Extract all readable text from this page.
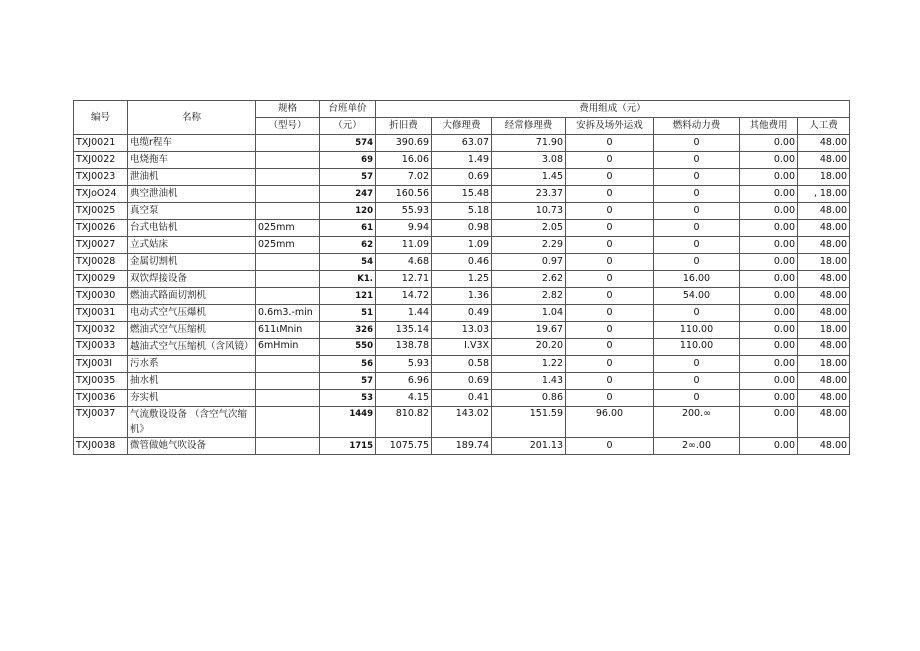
编号	名称	规格	台班单价	费用组成（元）						
		（型号）	（元）	折旧费	大修理费	经常修理费	安拆及场外运戏	燃料动力费	其他费用	人工费
TXJ0021	电缆r程车		574	390.69	63.07	71.90	0	0	0.00	48.00
TXJ0022	电烧拖车		69	16.06	1.49	3.08	0	0	0.00	48.00
TXJ0023	泄油机		57	7.02	0.69	1.45	0	0	0.00	18.00
TXJoO24	典空泄油机		247	160.56	15.48	23.37	0	0	0.00	, 18.00
TXJ0025	真空泵		120	55.93	5.18	10.73	0	0	0.00	48.00
TXJ0026	台式电钻机	025mm	61	9.94	0.98	2.05	0	0	0.00	48.00
TXJ0027	立式姑床	025mm	62	11.09	1.09	2.29	0	0	0.00	48.00
TXJ0028	金属切割机		54	4.68	0.46	0.97	0	0	0.00	18.00
TXJ0029	双饮焊接设备		K1.	12.71	1.25	2.62	0	16.00	0.00	48.00
TXJ0030	燃油式路面切割机		121	14.72	1.36	2.82	0	54.00	0.00	48.00
TXJ0031	电动式空气压爆机	0.6m3.-min	51	1.44	0.49	1.04	0	0	0.00	48.00
TXJ0032	燃油式空气压缩机	611ιMnin	326	135.14	13.03	19.67	0	110.00	0.00	18.00
TXJ0033	越油式空气压缩机（含风镜）	6mHmin	550	138.78	I.V3X	20.20	0	110.00	0.00	48.00
TXJ003I	污水系		56	5.93	0.58	1.22	0	0	0.00	18.00
TXJ0035	抽水机		57	6.96	0.69	1.43	0	0	0.00	48.00
TXJ0036	夯实机		53	4.15	0.41	0.86	0	0	0.00	48.00
TXJ0037	气流敷设设备 （含空气次缩机》		1449	810.82	143.02	151.59	96.00	200.∞	0.00	48.00
TXJ0038	微管做她气吹设备		1715	1075.75	189.74	201.13	0	2∞.00	0.00	48.00
